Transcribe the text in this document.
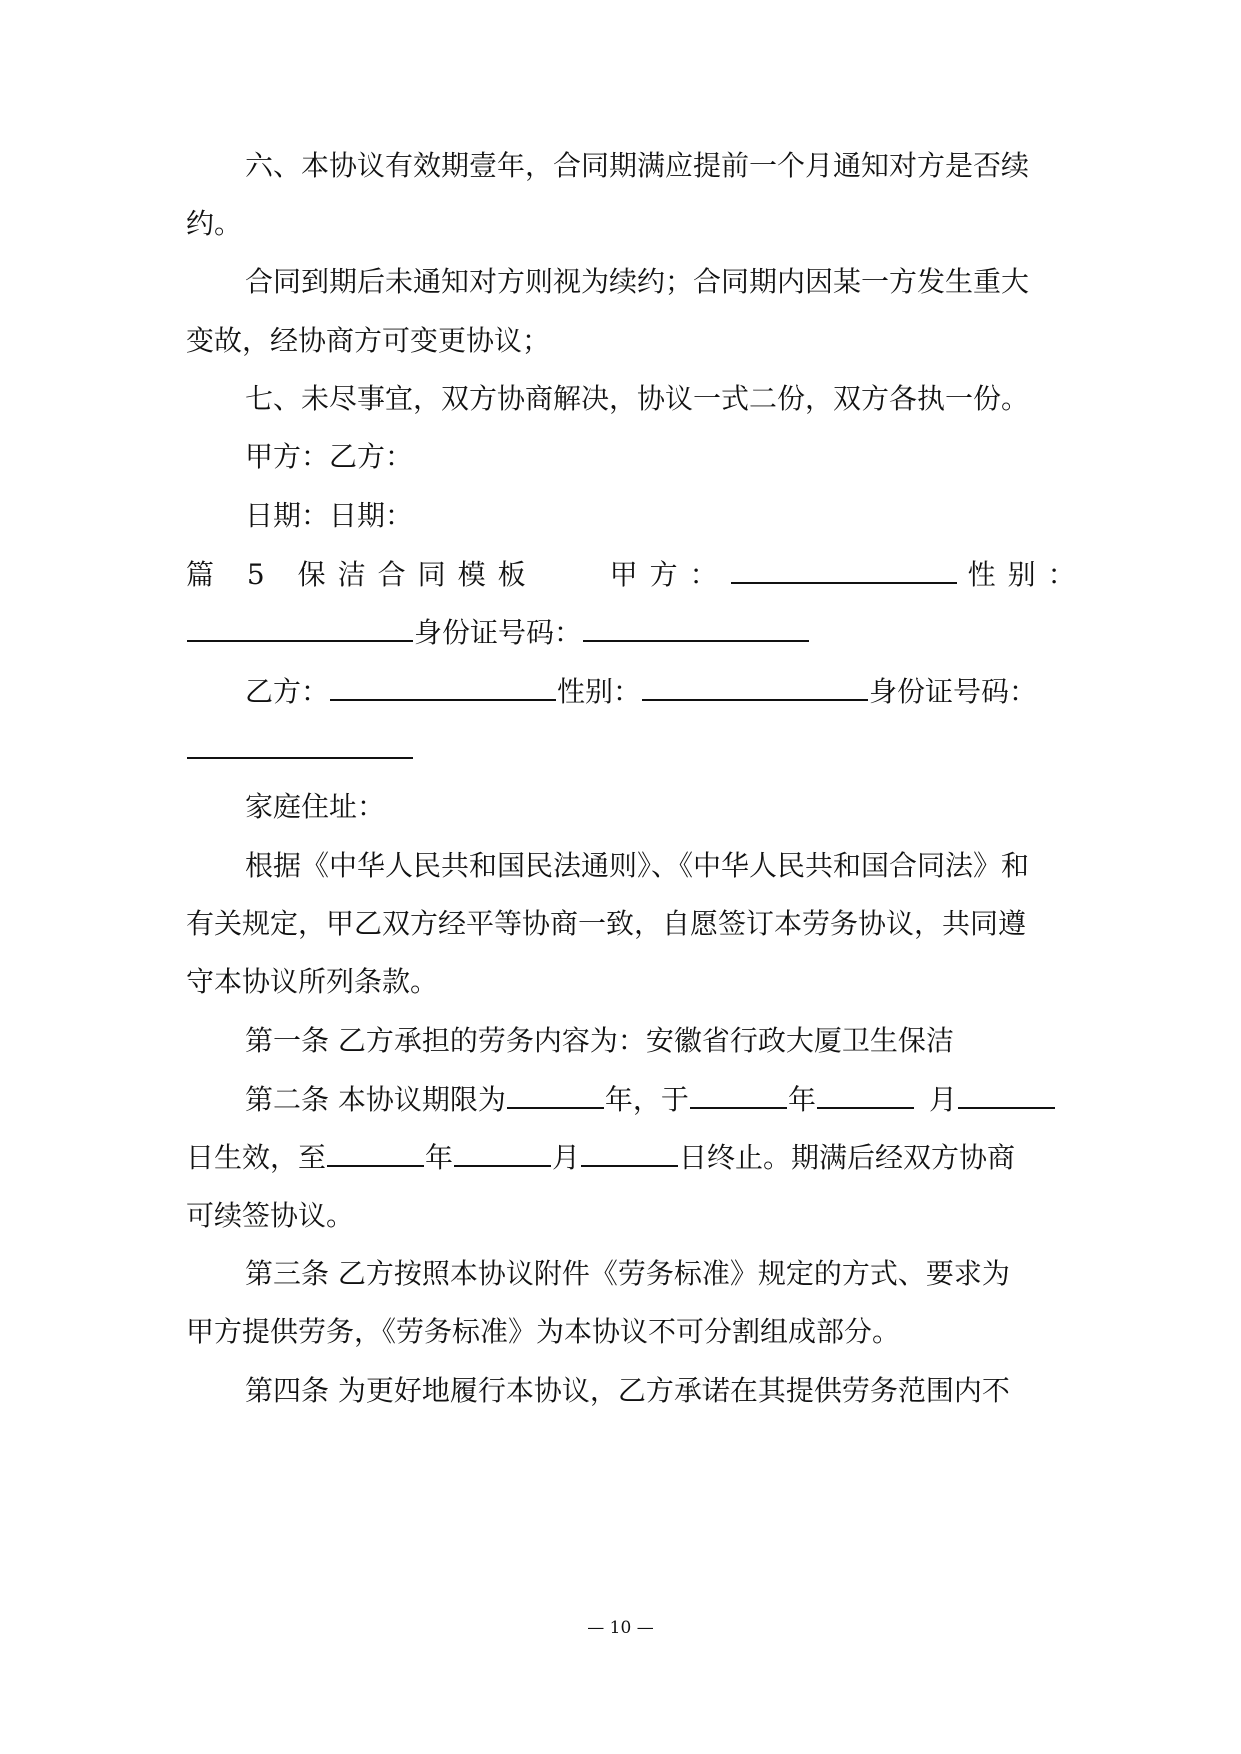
六、本协议有效期壹年，合同期满应提前一个月通知对方是否续
约。
合同到期后未通知对方则视为续约；合同期内因某一方发生重大
变故，经协商方可变更协议；
七、未尽事宜，双方协商解决，协议一式二份，双方各执一份。
甲方：乙方：
日期：日期：
篇 5 保洁合同模板	甲方：	性别：
身份证号码：
乙方：	性别：	身份证号码：
家庭住址：
根据《中华人民共和国民法通则》、《中华人民共和国合同法》和
有关规定，甲乙双方经平等协商一致，自愿签订本劳务协议，共同遵
守本协议所列条款。
第一条 乙方承担的劳务内容为：安徽省行政大厦卫生保洁
第二条 本协议期限为	年，于	年	月
日生效，至	年	月	日终止。期满后经双方协商
可续签协议。
第三条 乙方按照本协议附件《劳务标准》规定的方式、要求为
甲方提供劳务，《劳务标准》为本协议不可分割组成部分。
第四条 为更好地履行本协议，乙方承诺在其提供劳务范围内不
— 10 —
